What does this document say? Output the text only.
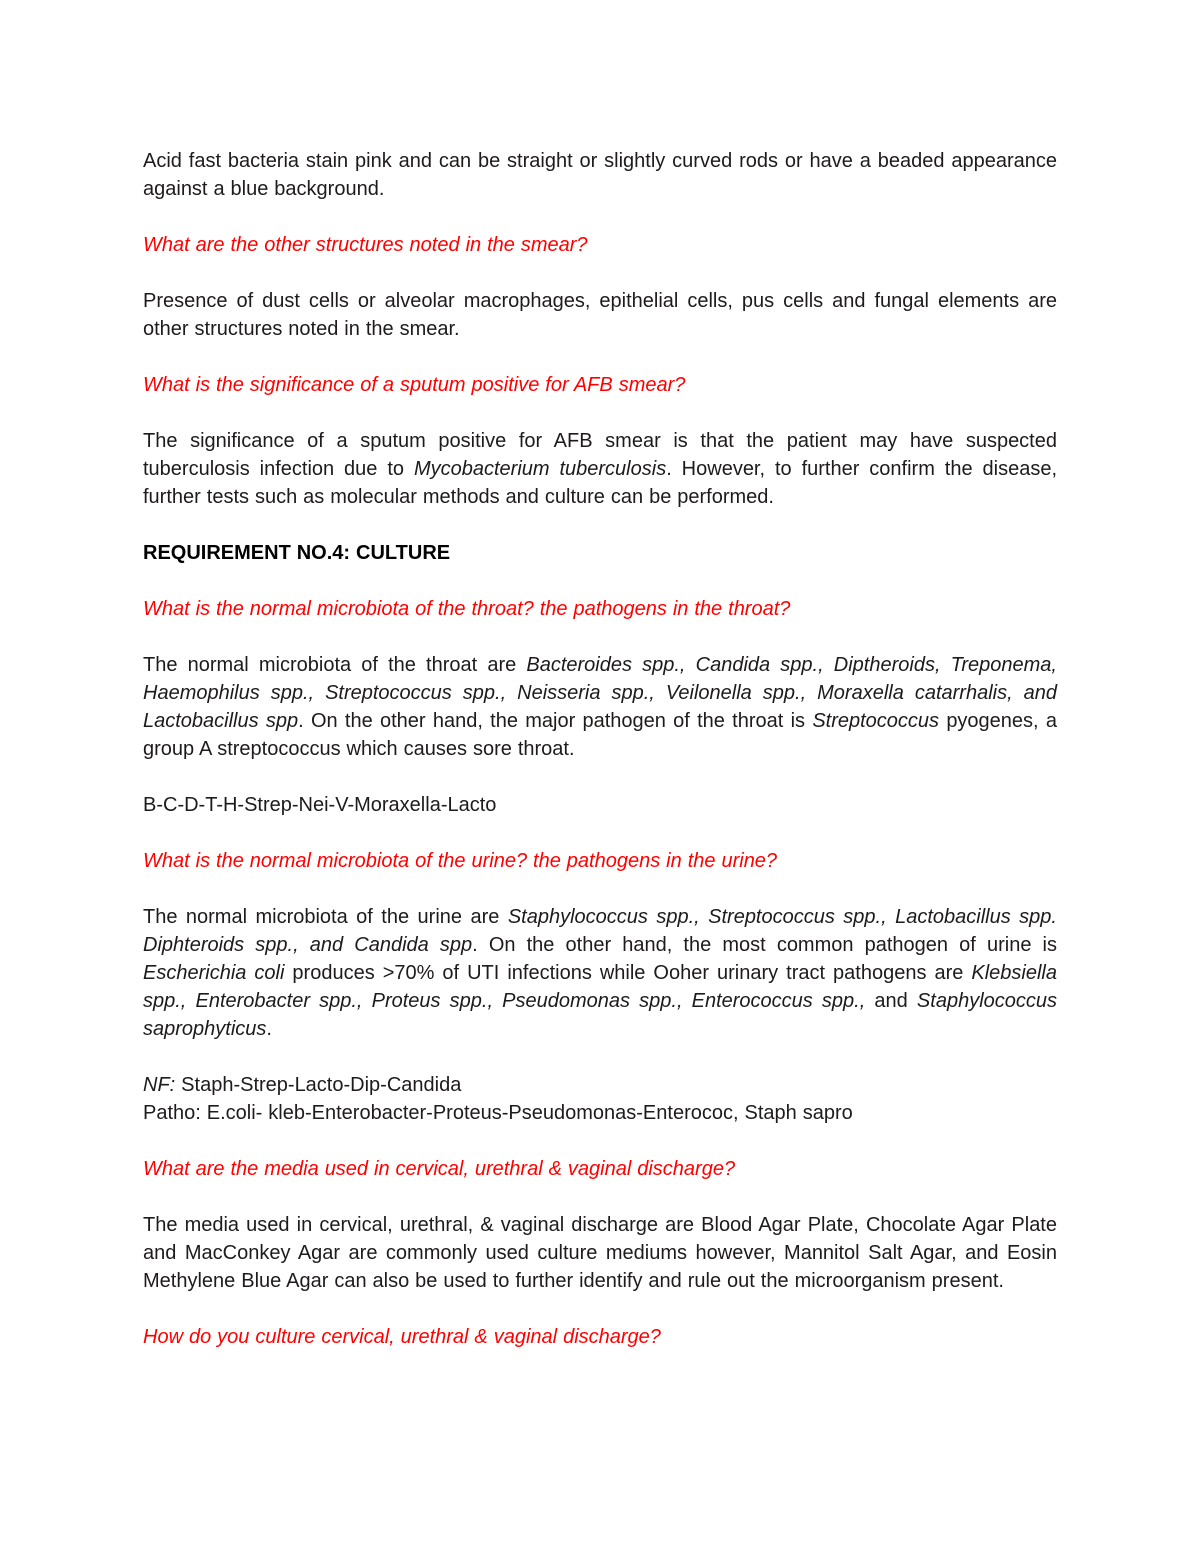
Acid fast bacteria stain pink and can be straight or slightly curved rods or have a beaded appearance against a blue background.

What are the other structures noted in the smear?

Presence of dust cells or alveolar macrophages, epithelial cells, pus cells and fungal elements are other structures noted in the smear.

What is the significance of a sputum positive for AFB smear?

The significance of a sputum positive for AFB smear is that the patient may have suspected tuberculosis infection due to Mycobacterium tuberculosis. However, to further confirm the disease, further tests such as molecular methods and culture can be performed.

REQUIREMENT NO.4: CULTURE

What is the normal microbiota of the throat? the pathogens in the throat?

The normal microbiota of the throat are Bacteroides spp., Candida spp., Diptheroids, Treponema, Haemophilus spp., Streptococcus spp., Neisseria spp., Veilonella spp., Moraxella catarrhalis, and Lactobacillus spp. On the other hand, the major pathogen of the throat is Streptococcus pyogenes, a group A streptococcus which causes sore throat.

B-C-D-T-H-Strep-Nei-V-Moraxella-Lacto

What is the normal microbiota of the urine? the pathogens in the urine?

The normal microbiota of the urine are Staphylococcus spp., Streptococcus spp., Lactobacillus spp. Diphteroids spp., and Candida spp. On the other hand, the most common pathogen of urine is Escherichia coli produces >70% of UTI infections while Ooher urinary tract pathogens are Klebsiella spp., Enterobacter spp., Proteus spp., Pseudomonas spp., Enterococcus spp., and Staphylococcus saprophyticus.

NF: Staph-Strep-Lacto-Dip-Candida

Patho: E.coli- kleb-Enterobacter-Proteus-Pseudomonas-Enterococ, Staph sapro

What are the media used in cervical, urethral & vaginal discharge?

The media used in cervical, urethral, & vaginal discharge are Blood Agar Plate, Chocolate Agar Plate and MacConkey Agar are commonly used culture mediums however, Mannitol Salt Agar, and Eosin Methylene Blue Agar can also be used to further identify and rule out the microorganism present.

How do you culture cervical, urethral & vaginal discharge?
